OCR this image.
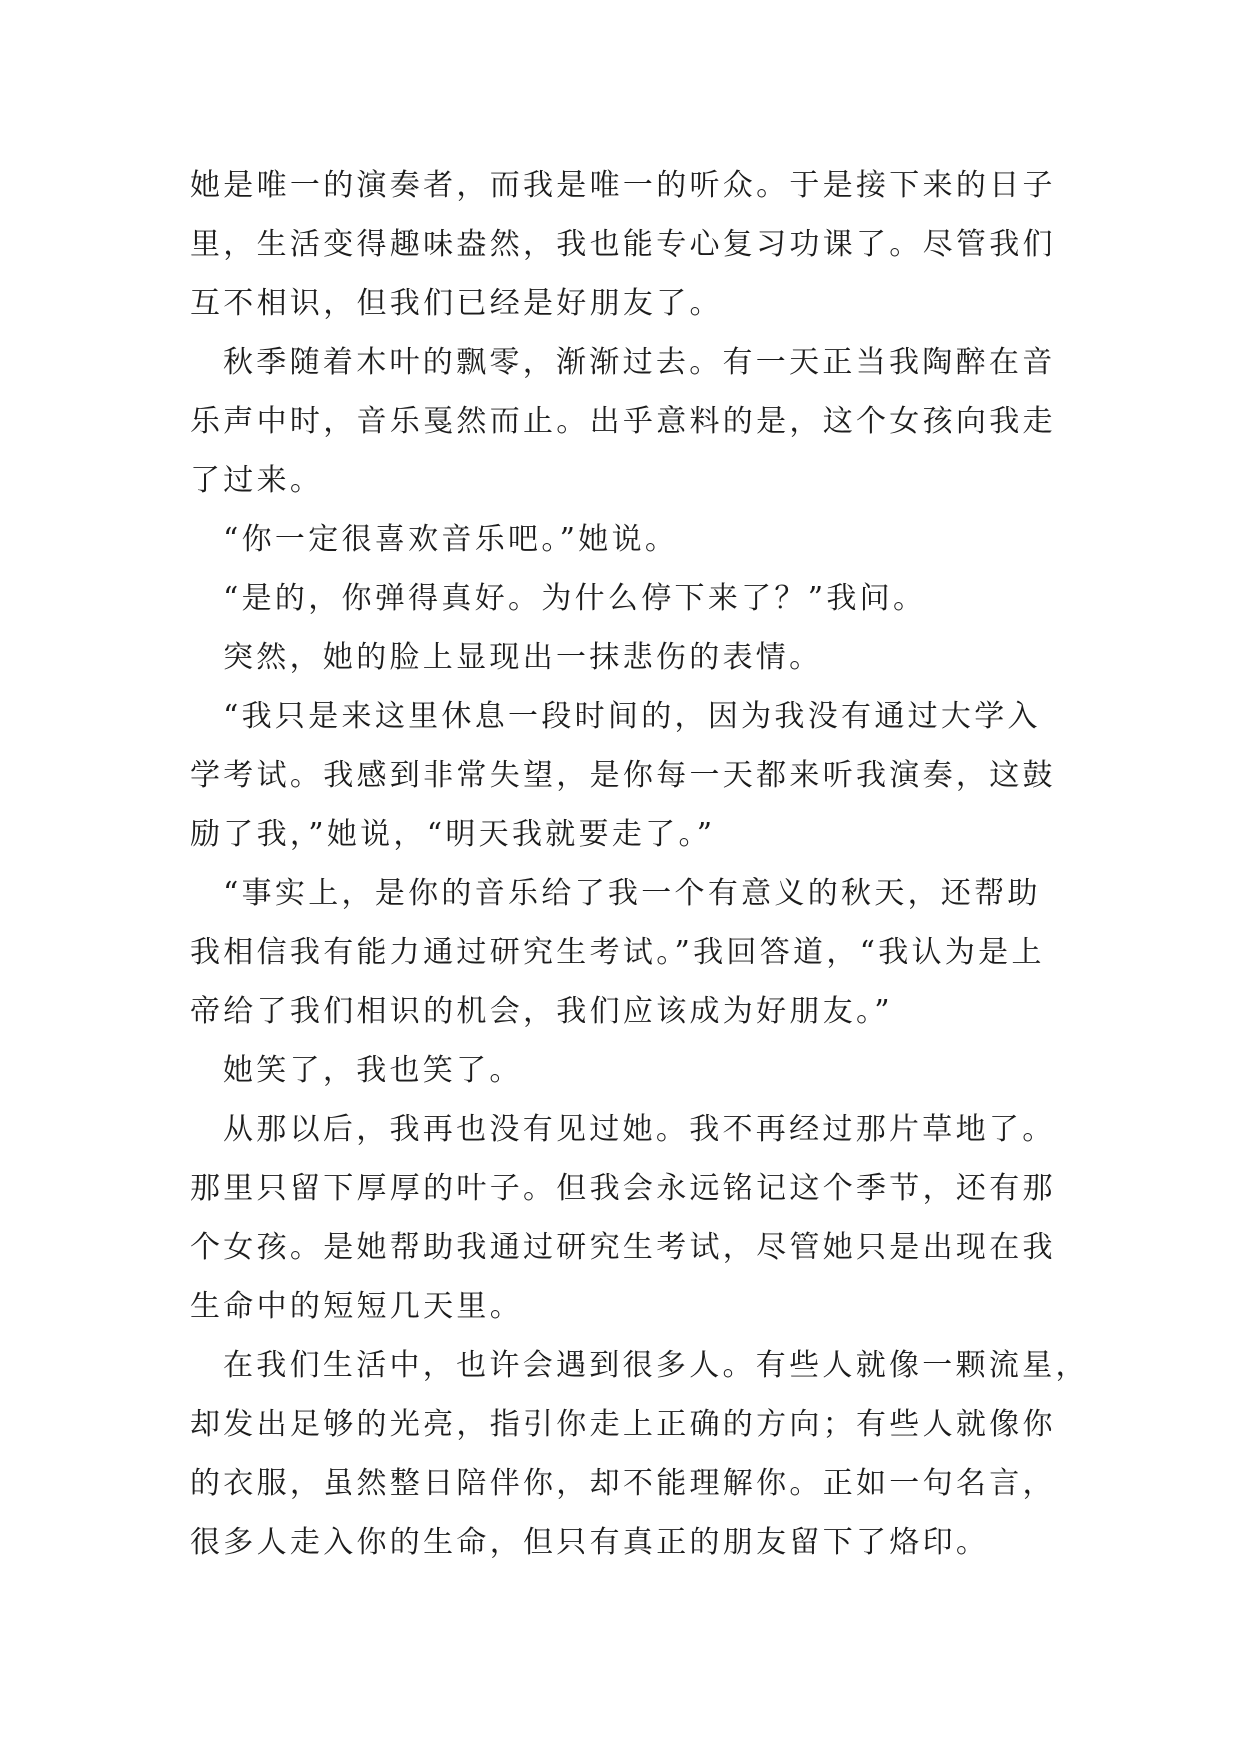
她是唯一的演奏者，而我是唯一的听众。于是接下来的日子
里，生活变得趣味盎然，我也能专心复习功课了。尽管我们
互不相识，但我们已经是好朋友了。
秋季随着木叶的飘零，渐渐过去。有一天正当我陶醉在音
乐声中时，音乐戛然而止。出乎意料的是，这个女孩向我走
了过来。
“你一定很喜欢音乐吧。”她说。
“是的，你弹得真好。为什么停下来了？”我问。
突然，她的脸上显现出一抹悲伤的表情。
“我只是来这里休息一段时间的，因为我没有通过大学入
学考试。我感到非常失望，是你每一天都来听我演奏，这鼓
励了我，”她说，“明天我就要走了。”
“事实上，是你的音乐给了我一个有意义的秋天，还帮助
我相信我有能力通过研究生考试。”我回答道，“我认为是上
帝给了我们相识的机会，我们应该成为好朋友。”
她笑了，我也笑了。
从那以后，我再也没有见过她。我不再经过那片草地了。
那里只留下厚厚的叶子。但我会永远铭记这个季节，还有那
个女孩。是她帮助我通过研究生考试，尽管她只是出现在我
生命中的短短几天里。
在我们生活中，也许会遇到很多人。有些人就像一颗流星，
却发出足够的光亮，指引你走上正确的方向；有些人就像你
的衣服，虽然整日陪伴你，却不能理解你。正如一句名言，
很多人走入你的生命，但只有真正的朋友留下了烙印。
